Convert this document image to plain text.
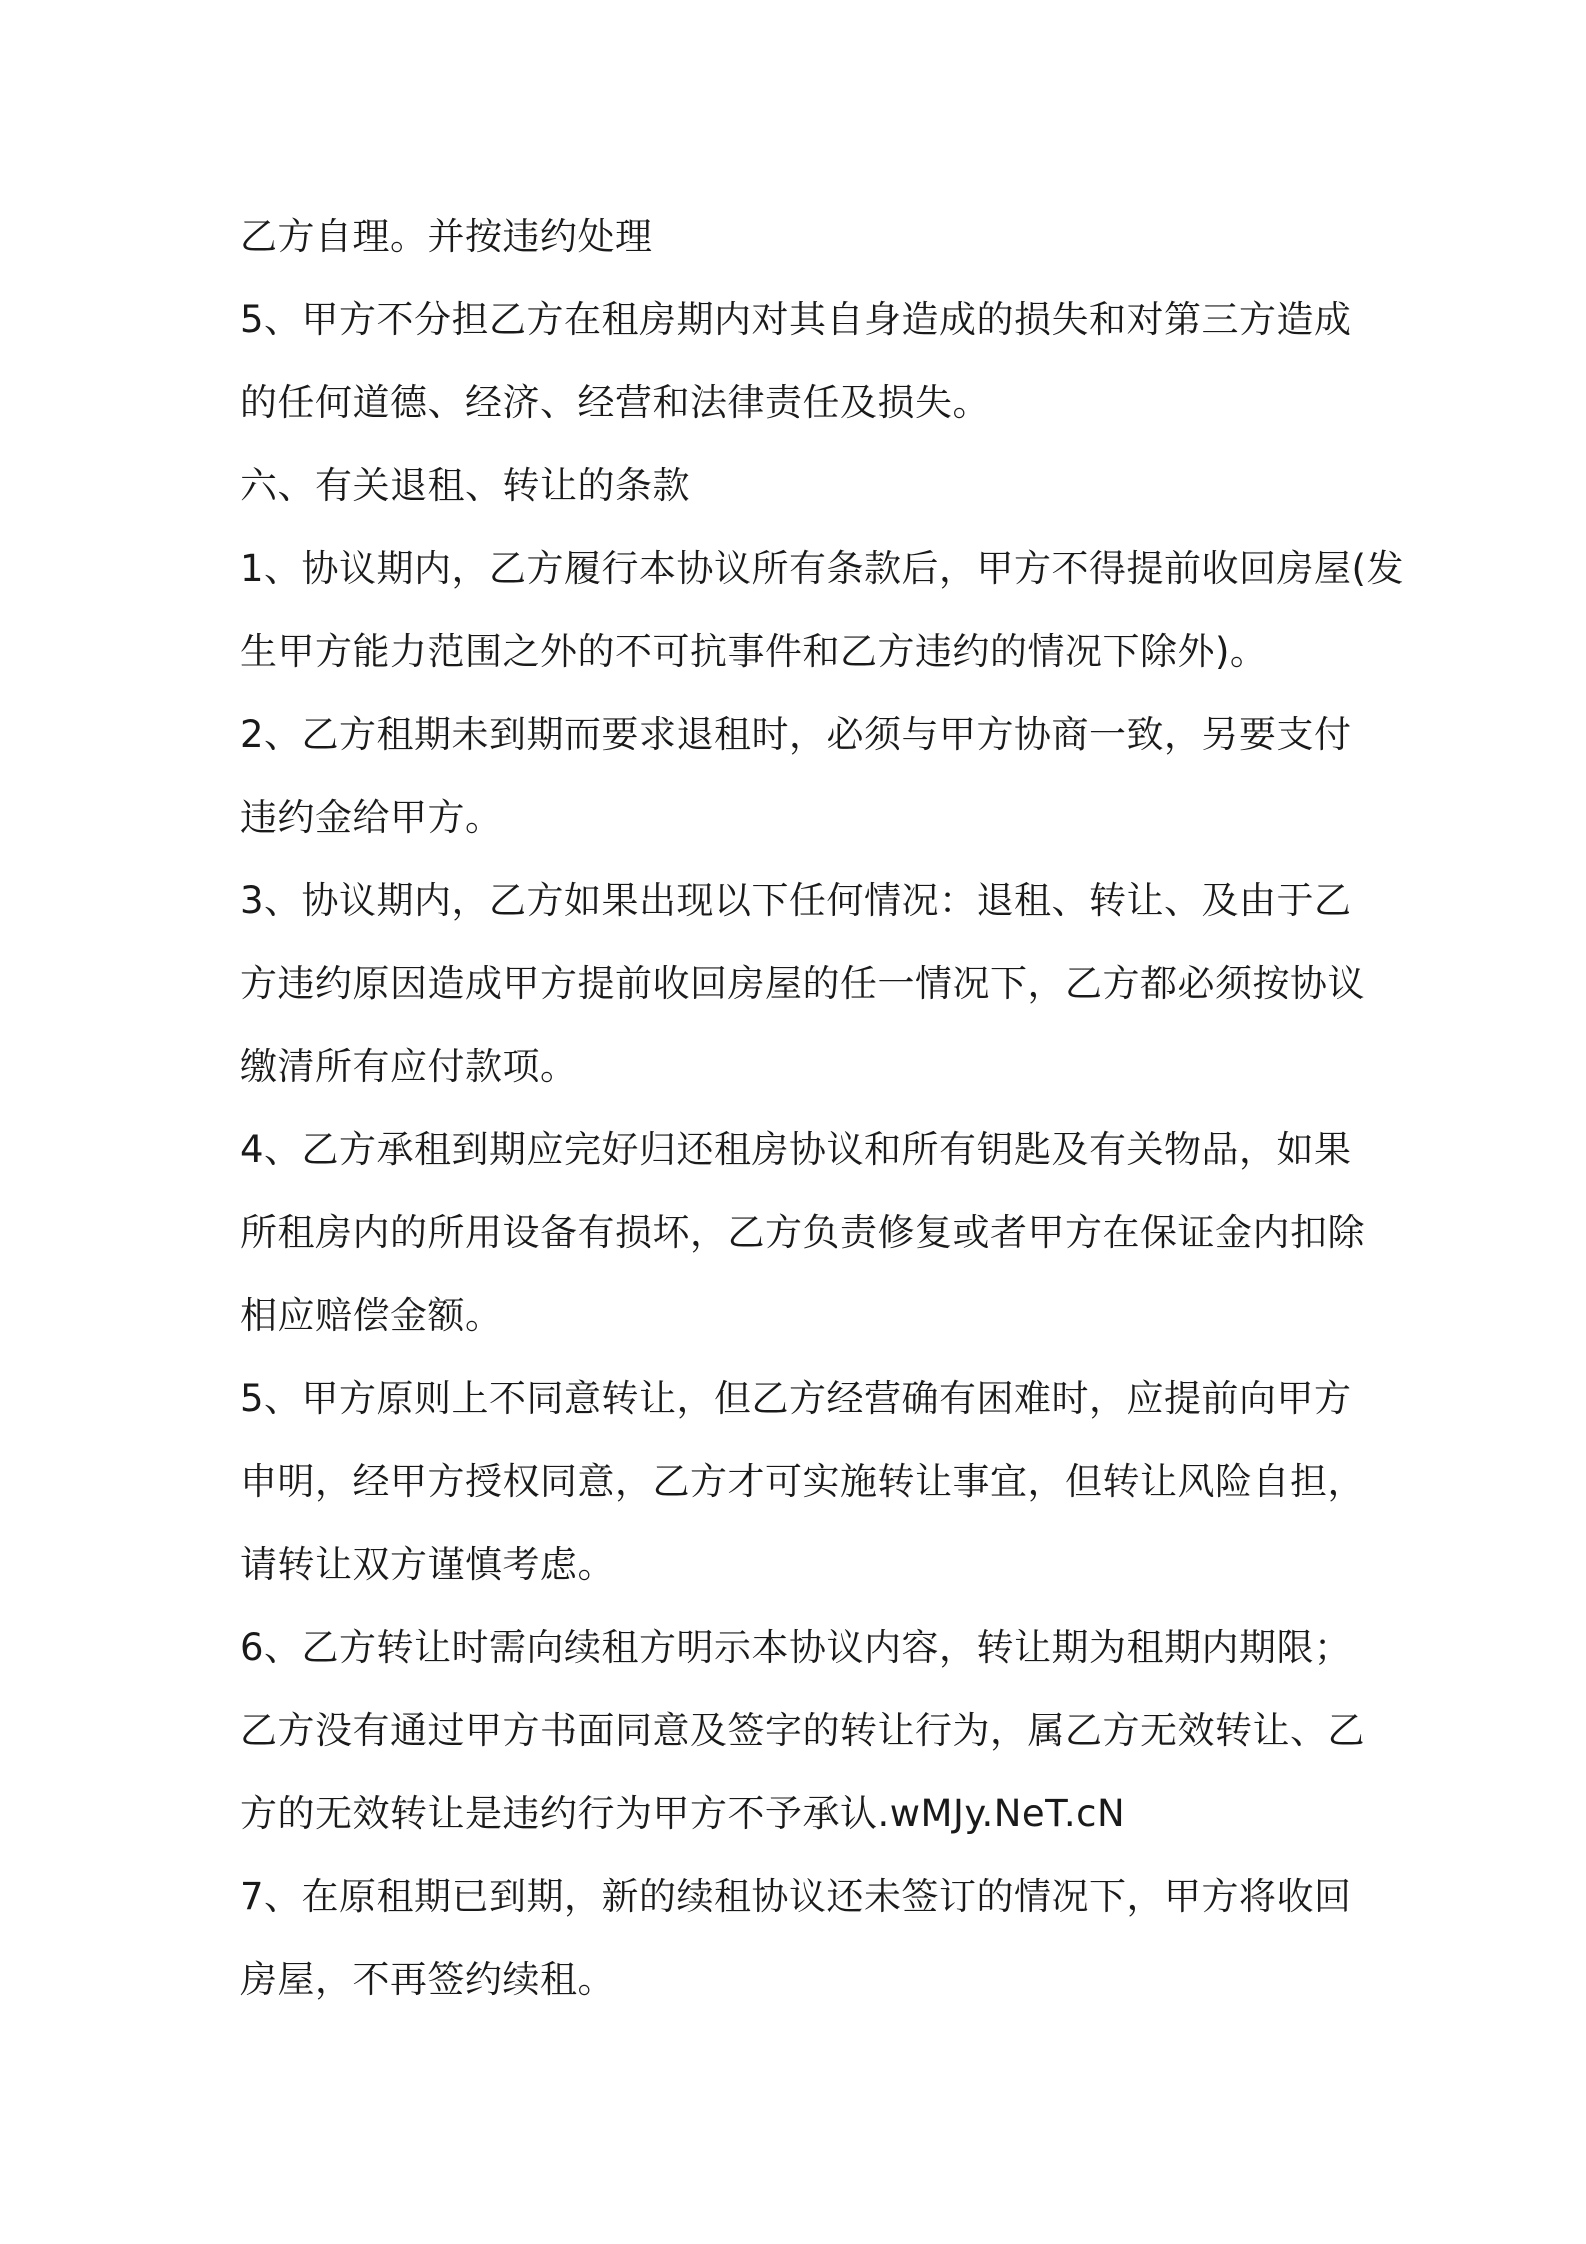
乙方自理。并按违约处理
5、甲方不分担乙方在租房期内对其自身造成的损失和对第三方造成
的任何道德、经济、经营和法律责任及损失。
六、有关退租、转让的条款
1、协议期内，乙方履行本协议所有条款后，甲方不得提前收回房屋(发
生甲方能力范围之外的不可抗事件和乙方违约的情况下除外)。
2、乙方租期未到期而要求退租时，必须与甲方协商一致，另要支付
违约金给甲方。
3、协议期内，乙方如果出现以下任何情况：退租、转让、及由于乙
方违约原因造成甲方提前收回房屋的任一情况下，乙方都必须按协议
缴清所有应付款项。
4、乙方承租到期应完好归还租房协议和所有钥匙及有关物品，如果
所租房内的所用设备有损坏，乙方负责修复或者甲方在保证金内扣除
相应赔偿金额。
5、甲方原则上不同意转让，但乙方经营确有困难时，应提前向甲方
申明，经甲方授权同意，乙方才可实施转让事宜，但转让风险自担，
请转让双方谨慎考虑。
6、乙方转让时需向续租方明示本协议内容，转让期为租期内期限；
乙方没有通过甲方书面同意及签字的转让行为，属乙方无效转让、乙
方的无效转让是违约行为甲方不予承认.wMJy.NeT.cN
7、在原租期已到期，新的续租协议还未签订的情况下，甲方将收回
房屋，不再签约续租。
